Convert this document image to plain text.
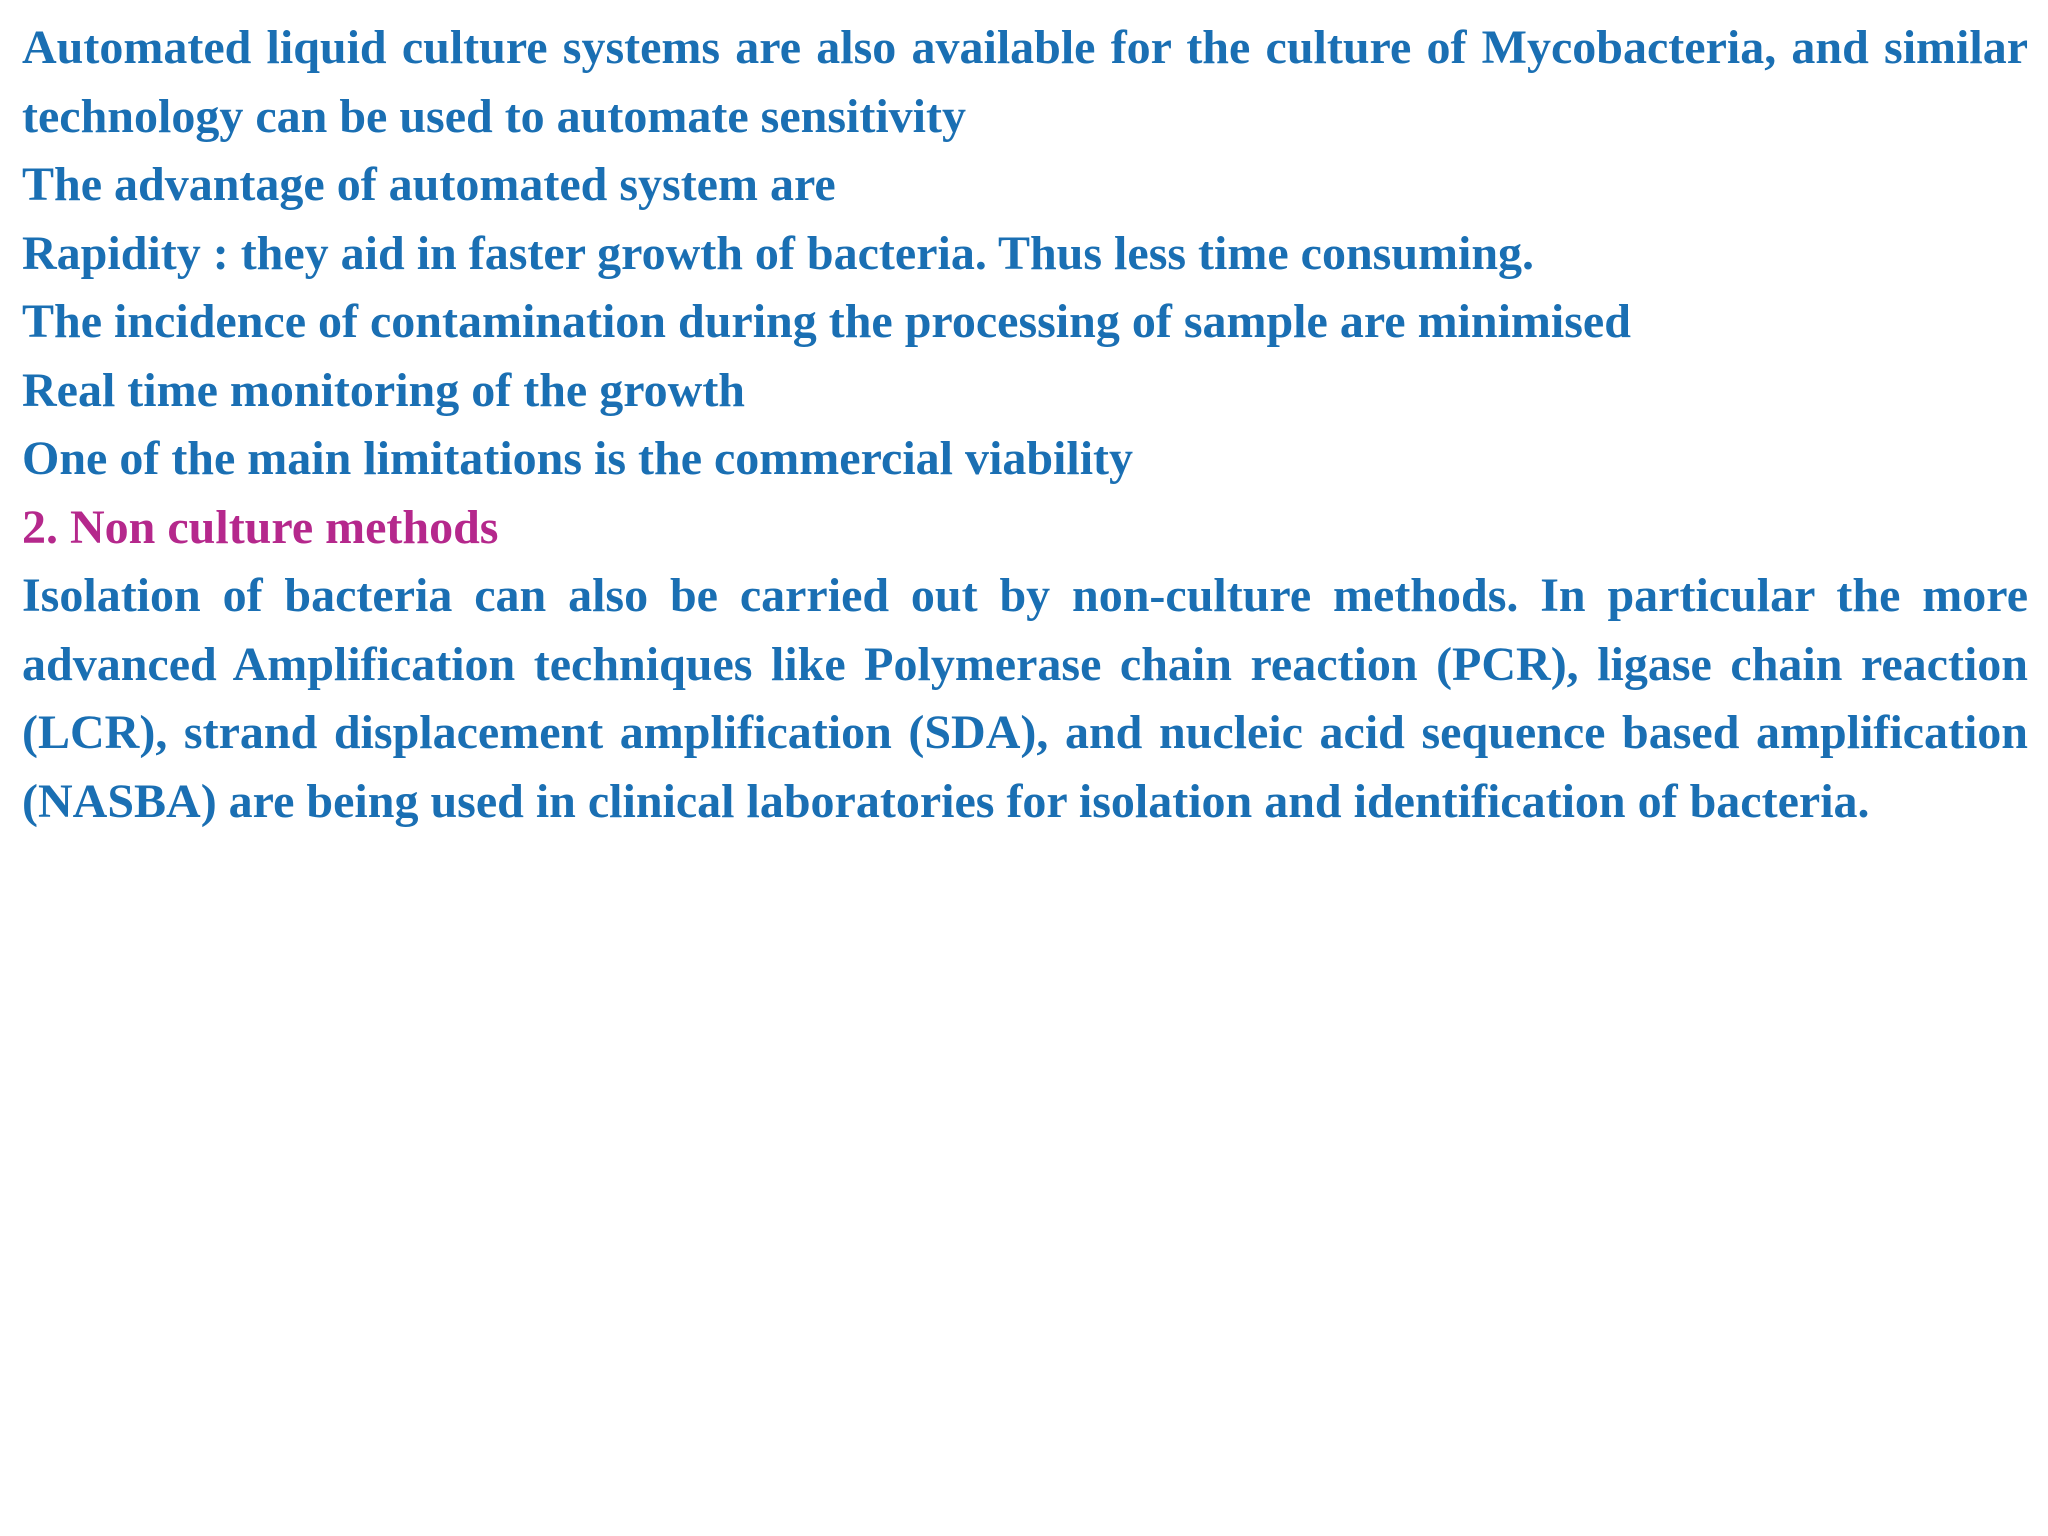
Automated liquid culture systems are also available for the culture of Mycobacteria, and similar technology can be used to automate sensitivity

The advantage of automated system are

Rapidity : they aid in faster growth of bacteria. Thus less time consuming.

The incidence of contamination during the processing of sample are minimised

Real time monitoring of the growth

One of the main limitations is the commercial viability

2. Non culture methods

Isolation of bacteria can also be carried out by non-culture methods. In particular the more advanced Amplification techniques like Polymerase chain reaction (PCR), ligase chain reaction (LCR), strand displacement amplification (SDA), and nucleic acid sequence based amplification (NASBA) are being used in clinical laboratories for isolation and identification of bacteria.
